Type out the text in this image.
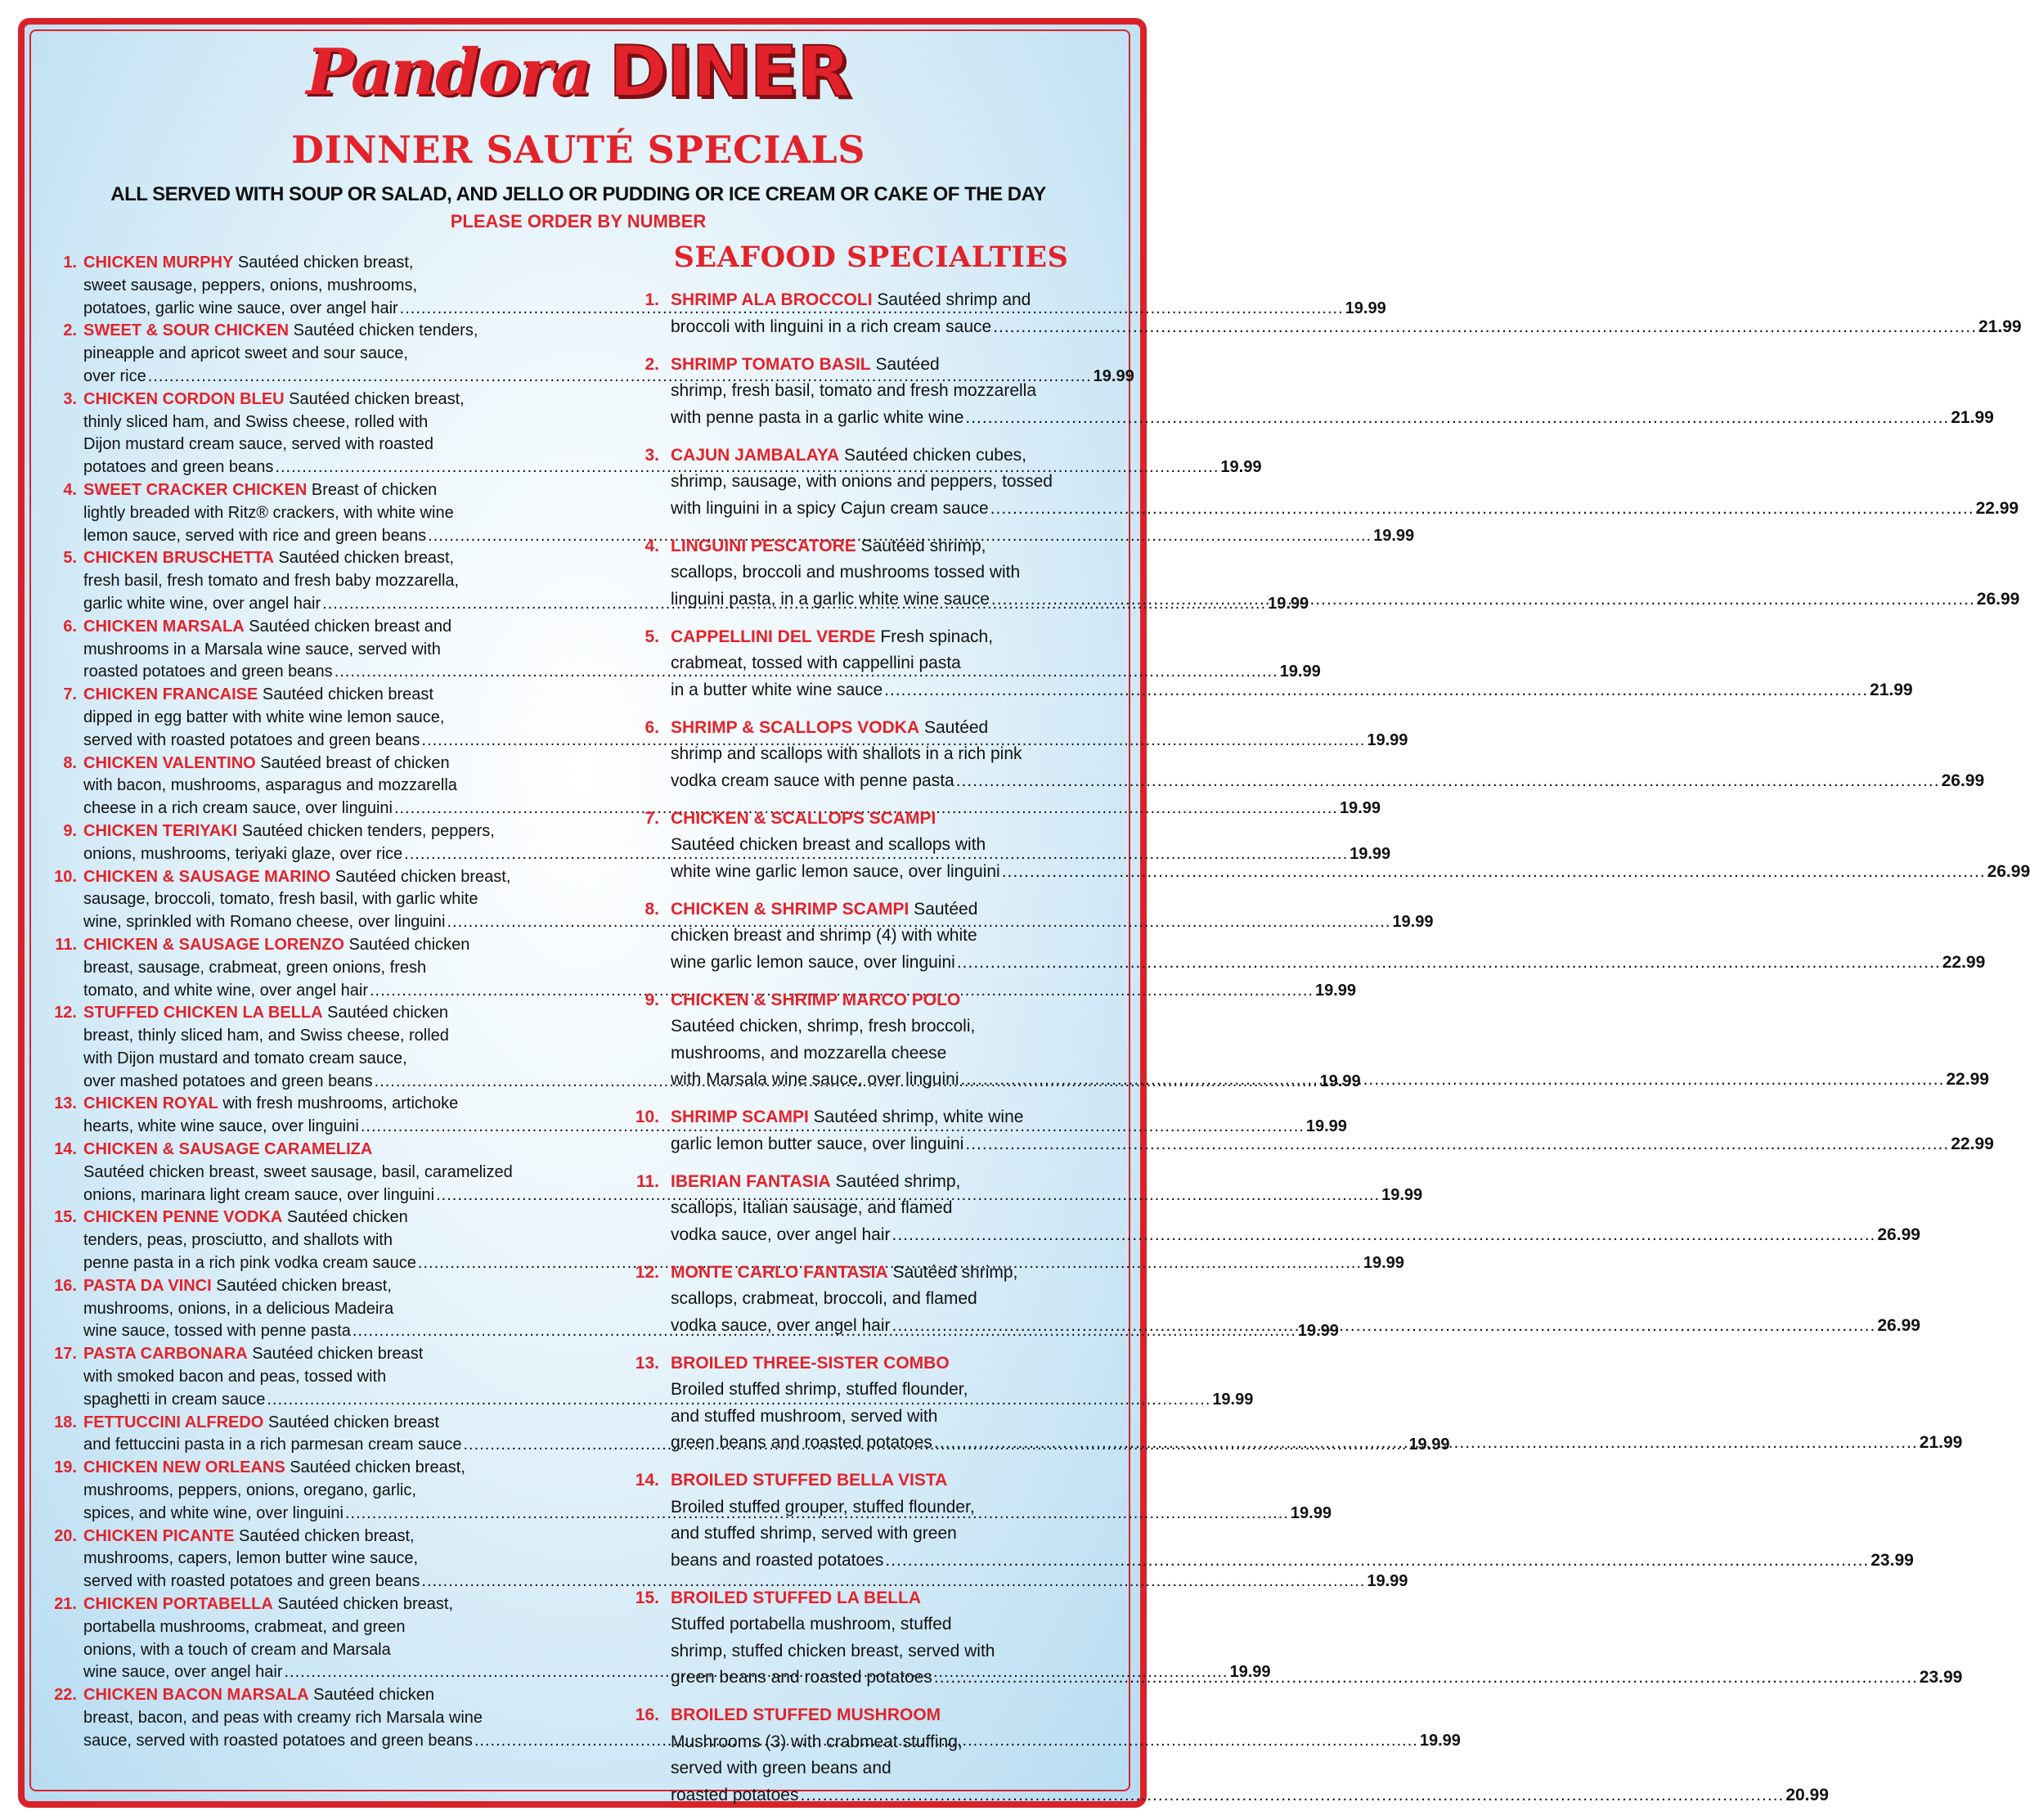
Pandora DINER
DINNER SAUTÉ SPECIALS
ALL SERVED WITH SOUP OR SALAD, AND JELLO OR PUDDING OR ICE CREAM OR CAKE OF THE DAY
PLEASE ORDER BY NUMBER
1. CHICKEN MURPHY Sautéed chicken breast,
sweet sausage, peppers, onions, mushrooms,
potatoes, garlic wine sauce, over angel hair .....	19.99
2. SWEET & SOUR CHICKEN Sautéed chicken tenders,
pineapple and apricot sweet and sour sauce,
over rice .....	19.99
3. CHICKEN CORDON BLEU Sautéed chicken breast,
thinly sliced ham, and Swiss cheese, rolled with
Dijon mustard cream sauce, served with roasted
potatoes and green beans .....	19.99
4. SWEET CRACKER CHICKEN Breast of chicken
lightly breaded with Ritz® crackers, with white wine
lemon sauce, served with rice and green beans .....	19.99
5. CHICKEN BRUSCHETTA Sautéed chicken breast,
fresh basil, fresh tomato and fresh baby mozzarella,
garlic white wine, over angel hair .....	19.99
6. CHICKEN MARSALA Sautéed chicken breast and
mushrooms in a Marsala wine sauce, served with
roasted potatoes and green beans .....	19.99
7. CHICKEN FRANCAISE Sautéed chicken breast
dipped in egg batter with white wine lemon sauce,
served with roasted potatoes and green beans .....	19.99
8. CHICKEN VALENTINO Sautéed breast of chicken
with bacon, mushrooms, asparagus and mozzarella
cheese in a rich cream sauce, over linguini .....	19.99
9. CHICKEN TERIYAKI Sautéed chicken tenders, peppers,
onions, mushrooms, teriyaki glaze, over rice .....	19.99
10. CHICKEN & SAUSAGE MARINO Sautéed chicken breast,
sausage, broccoli, tomato, fresh basil, with garlic white
wine, sprinkled with Romano cheese, over linguini .....	19.99
11. CHICKEN & SAUSAGE LORENZO Sautéed chicken
breast, sausage, crabmeat, green onions, fresh
tomato, and white wine, over angel hair .....	19.99
12. STUFFED CHICKEN LA BELLA Sautéed chicken
breast, thinly sliced ham, and Swiss cheese, rolled
with Dijon mustard and tomato cream sauce,
over mashed potatoes and green beans .....	19.99
13. CHICKEN ROYAL with fresh mushrooms, artichoke
hearts, white wine sauce, over linguini .....	19.99
14. CHICKEN & SAUSAGE CARAMELIZA
Sautéed chicken breast, sweet sausage, basil, caramelized
onions, marinara light cream sauce, over linguini .....	19.99
15. CHICKEN PENNE VODKA Sautéed chicken
tenders, peas, prosciutto, and shallots with
penne pasta in a rich pink vodka cream sauce .....	19.99
16. PASTA DA VINCI Sautéed chicken breast,
mushrooms, onions, in a delicious Madeira
wine sauce, tossed with penne pasta .....	19.99
17. PASTA CARBONARA Sautéed chicken breast
with smoked bacon and peas, tossed with
spaghetti in cream sauce .....	19.99
18. FETTUCCINI ALFREDO Sautéed chicken breast
and fettuccini pasta in a rich parmesan cream sauce .....	19.99
19. CHICKEN NEW ORLEANS Sautéed chicken breast,
mushrooms, peppers, onions, oregano, garlic,
spices, and white wine, over linguini .....	19.99
20. CHICKEN PICANTE Sautéed chicken breast,
mushrooms, capers, lemon butter wine sauce,
served with roasted potatoes and green beans .....	19.99
21. CHICKEN PORTABELLA Sautéed chicken breast,
portabella mushrooms, crabmeat, and green
onions, with a touch of cream and Marsala
wine sauce, over angel hair .....	19.99
22. CHICKEN BACON MARSALA Sautéed chicken
breast, bacon, and peas with creamy rich Marsala wine
sauce, served with roasted potatoes and green beans .....	19.99
SEAFOOD SPECIALTIES
1. SHRIMP ALA BROCCOLI Sautéed shrimp and
broccoli with linguini in a rich cream sauce .....	21.99
2. SHRIMP TOMATO BASIL Sautéed
shrimp, fresh basil, tomato and fresh mozzarella
with penne pasta in a garlic white wine .....	21.99
3. CAJUN JAMBALAYA Sautéed chicken cubes,
shrimp, sausage, with onions and peppers, tossed
with linguini in a spicy Cajun cream sauce .....	22.99
4. LINGUINI PESCATORE Sautéed shrimp,
scallops, broccoli and mushrooms tossed with
linguini pasta, in a garlic white wine sauce .....	26.99
5. CAPPELLINI DEL VERDE Fresh spinach,
crabmeat, tossed with cappellini pasta
in a butter white wine sauce .....	21.99
6. SHRIMP & SCALLOPS VODKA Sautéed
shrimp and scallops with shallots in a rich pink
vodka cream sauce with penne pasta .....	26.99
7. CHICKEN & SCALLOPS SCAMPI
Sautéed chicken breast and scallops with
white wine garlic lemon sauce, over linguini .....	26.99
8. CHICKEN & SHRIMP SCAMPI Sautéed
chicken breast and shrimp (4) with white
wine garlic lemon sauce, over linguini .....	22.99
9. CHICKEN & SHRIMP MARCO POLO
Sautéed chicken, shrimp, fresh broccoli,
mushrooms, and mozzarella cheese
with Marsala wine sauce, over linguini .....	22.99
10. SHRIMP SCAMPI Sautéed shrimp, white wine
garlic lemon butter sauce, over linguini .....	22.99
11. IBERIAN FANTASIA Sautéed shrimp,
scallops, Italian sausage, and flamed
vodka sauce, over angel hair .....	26.99
12. MONTE CARLO FANTASIA Sautéed shrimp,
scallops, crabmeat, broccoli, and flamed
vodka sauce, over angel hair .....	26.99
13. BROILED THREE-SISTER COMBO
Broiled stuffed shrimp, stuffed flounder,
and stuffed mushroom, served with
green beans and roasted potatoes .....	21.99
14. BROILED STUFFED BELLA VISTA
Broiled stuffed grouper, stuffed flounder,
and stuffed shrimp, served with green
beans and roasted potatoes .....	23.99
15. BROILED STUFFED LA BELLA
Stuffed portabella mushroom, stuffed
shrimp, stuffed chicken breast, served with
green beans and roasted potatoes .....	23.99
16. BROILED STUFFED MUSHROOM
Mushrooms (3) with crabmeat stuffing,
served with green beans and
roasted potatoes .....	20.99
